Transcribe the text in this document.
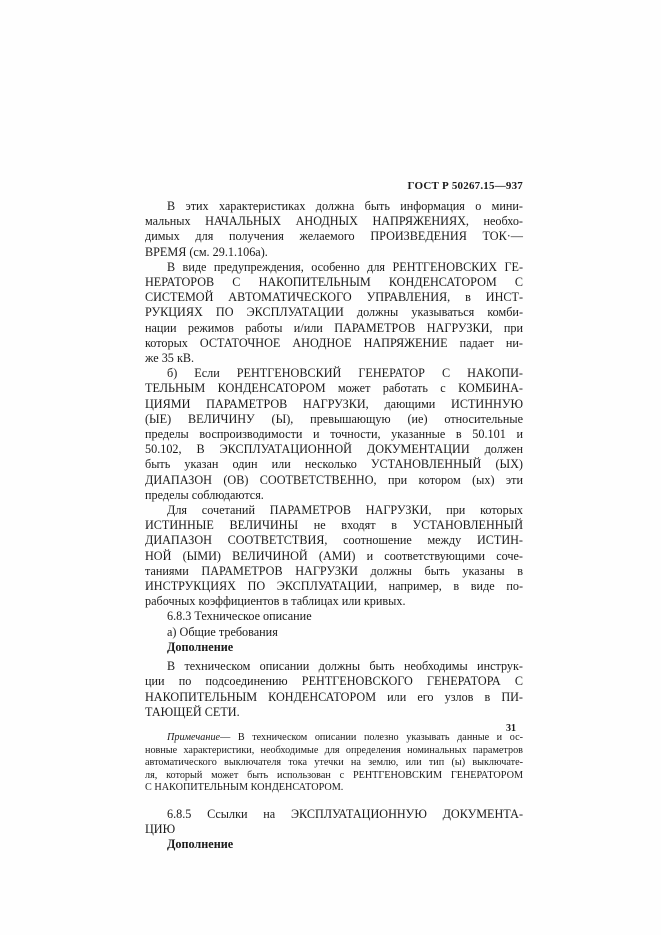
ГОСТ Р 50267.15—937
В этих характеристиках должна быть информация о мини-
мальных НАЧАЛЬНЫХ АНОДНЫХ НАПРЯЖЕНИЯХ, необхо-
димых для получения желаемого ПРОИЗВЕДЕНИЯ ТОК·—
ВРЕМЯ (см. 29.1.106а).
В виде предупреждения, особенно для РЕНТГЕНОВСКИХ ГЕ-
НЕРАТОРОВ С НАКОПИТЕЛЬНЫМ КОНДЕНСАТОРОМ С
СИСТЕМОЙ АВТОМАТИЧЕСКОГО УПРАВЛЕНИЯ, в ИНСТ-
РУКЦИЯХ ПО ЭКСПЛУАТАЦИИ должны указываться комби-
нации режимов работы и/или ПАРАМЕТРОВ НАГРУЗКИ, при
которых ОСТАТОЧНОЕ АНОДНОЕ НАПРЯЖЕНИЕ падает ни-
же 35 кВ.
б) Если РЕНТГЕНОВСКИЙ ГЕНЕРАТОР С НАКОПИ-
ТЕЛЬНЫМ КОНДЕНСАТОРОМ может работать с КОМБИНА-
ЦИЯМИ ПАРАМЕТРОВ НАГРУЗКИ, дающими ИСТИННУЮ
(ЫЕ) ВЕЛИЧИНУ (Ы), превышающую (ие) относительные
пределы воспроизводимости и точности, указанные в 50.101 и
50.102, В ЭКСПЛУАТАЦИОННОЙ ДОКУМЕНТАЦИИ должен
быть указан один или несколько УСТАНОВЛЕННЫЙ (ЫХ)
ДИАПАЗОН (ОВ) СООТВЕТСТВЕННО, при котором (ых) эти
пределы соблюдаются.
Для сочетаний ПАРАМЕТРОВ НАГРУЗКИ, при которых
ИСТИННЫЕ ВЕЛИЧИНЫ не входят в УСТАНОВЛЕННЫЙ
ДИАПАЗОН СООТВЕТСТВИЯ, соотношение между ИСТИН-
НОЙ (ЫМИ) ВЕЛИЧИНОЙ (АМИ) и соответствующими соче-
таниями ПАРАМЕТРОВ НАГРУЗКИ должны быть указаны в
ИНСТРУКЦИЯХ ПО ЭКСПЛУАТАЦИИ, например, в виде по-
рабочных коэффициентов в таблицах или кривых.
6.8.3 Техническое описание
а) Общие требования
Дополнение
В техническом описании должны быть необходимы инструк-
ции по подсоединению РЕНТГЕНОВСКОГО ГЕНЕРАТОРА С
НАКОПИТЕЛЬНЫМ КОНДЕНСАТОРОМ или его узлов в ПИ-
ТАЮЩЕЙ СЕТИ.
Примечание— В техническом описании полезно указывать данные и ос-
новные характеристики, необходимые для определения номинальных параметров
автоматического выключателя тока утечки на землю, или тип (ы) выключате-
ля, который может быть использован с РЕНТГЕНОВСКИМ ГЕНЕРАТОРОМ
С НАКОПИТЕЛЬНЫМ КОНДЕНСАТОРОМ.
6.8.5 Ссылки на ЭКСПЛУАТАЦИОННУЮ ДОКУМЕНТА-
ЦИЮ
Дополнение
31
